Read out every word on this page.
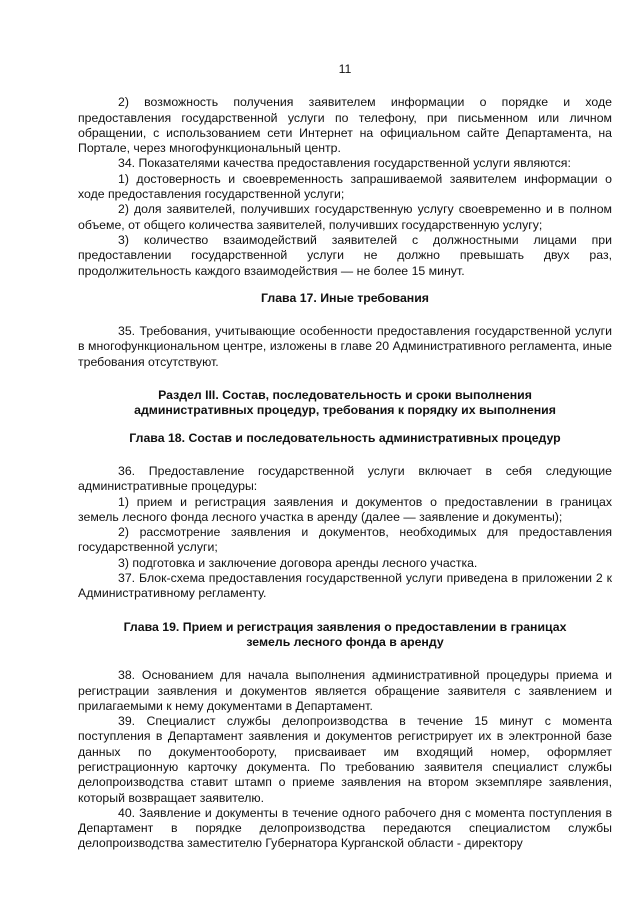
11

2) возможность получения заявителем информации о порядке и ходе предоставления государственной услуги по телефону, при письменном или личном обращении, с использованием сети Интернет на официальном сайте Департамента, на Портале, через многофункциональный центр.

34. Показателями качества предоставления государственной услуги являются:

1) достоверность и своевременность запрашиваемой заявителем информации о ходе предоставления государственной услуги;

2) доля заявителей, получивших государственную услугу своевременно и в полном объеме, от общего количества заявителей, получивших государственную услугу;

3) количество взаимодействий заявителей с должностными лицами при предоставлении государственной услуги не должно превышать двух раз, продолжительность каждого взаимодействия — не более 15 минут.

Глава 17. Иные требования

35. Требования, учитывающие особенности предоставления государственной услуги в многофункциональном центре, изложены в главе 20 Административного регламента, иные требования отсутствуют.

Раздел III. Состав, последовательность и сроки выполнения административных процедур, требования к порядку их выполнения
Глава 18. Состав и последовательность административных процедур

36. Предоставление государственной услуги включает в себя следующие административные процедуры:

1) прием и регистрация заявления и документов о предоставлении в границах земель лесного фонда лесного участка в аренду (далее — заявление и документы);

2) рассмотрение заявления и документов, необходимых для предоставления государственной услуги;

3) подготовка и заключение договора аренды лесного участка.

37. Блок-схема предоставления государственной услуги приведена в приложении 2 к Административному регламенту.

Глава 19. Прием и регистрация заявления о предоставлении в границах земель лесного фонда в аренду

38. Основанием для начала выполнения административной процедуры приема и регистрации заявления и документов является обращение заявителя с заявлением и прилагаемыми к нему документами в Департамент.

39. Специалист службы делопроизводства в течение 15 минут с момента поступления в Департамент заявления и документов регистрирует их в электронной базе данных по документообороту, присваивает им входящий номер, оформляет регистрационную карточку документа. По требованию заявителя специалист службы делопроизводства ставит штамп о приеме заявления на втором экземпляре заявления, который возвращает заявителю.

40. Заявление и документы в течение одного рабочего дня с момента поступления в Департамент в порядке делопроизводства передаются специалистом службы делопроизводства заместителю Губернатора Курганской области - директору
